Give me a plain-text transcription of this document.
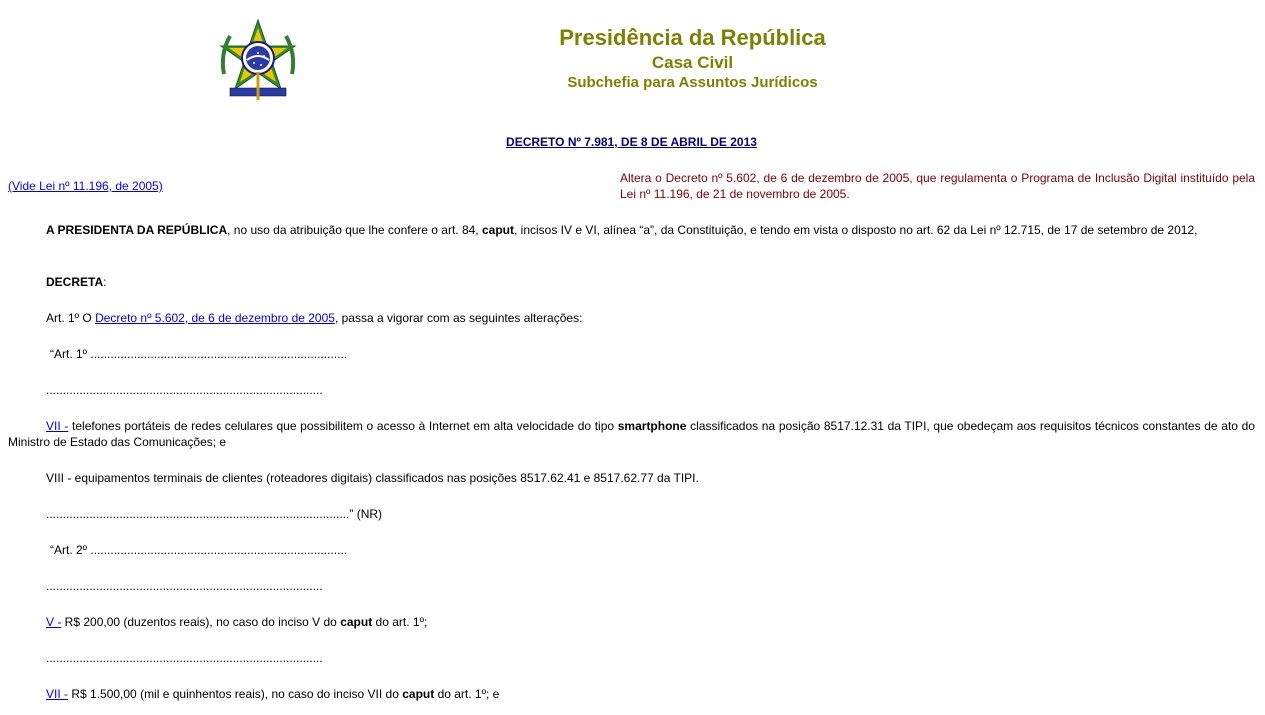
Presidência da República
Casa Civil
Subchefia para Assuntos Jurídicos
DECRETO Nº 7.981, DE 8 DE ABRIL DE 2013
(Vide Lei nº 11.196, de 2005)
Altera o Decreto nº 5.602, de 6 de dezembro de 2005, que regulamenta o Programa de Inclusão Digital instituído pela Lei nº 11.196, de 21 de novembro de 2005.
A PRESIDENTA DA REPÚBLICA, no uso da atribuição que lhe confere o art. 84, caput, incisos IV e VI, alínea “a”, da Constituição, e tendo em vista o disposto no art. 62 da Lei nº 12.715, de 17 de setembro de 2012,
DECRETA:
Art. 1º O Decreto nº 5.602, de 6 de dezembro de 2005, passa a vigorar com as seguintes alterações:
“Art. 1º .............................................................................
...................................................................................
VII - telefones portáteis de redes celulares que possibilitem o acesso à Internet em alta velocidade do tipo smartphone classificados na posição 8517.12.31 da TIPI, que obedeçam aos requisitos técnicos constantes de ato do Ministro de Estado das Comunicações; e
VIII - equipamentos terminais de clientes (roteadores digitais) classificados nas posições 8517.62.41 e 8517.62.77 da TIPI.
...........................................................................................” (NR)
“Art. 2º .............................................................................
...................................................................................
V - R$ 200,00 (duzentos reais), no caso do inciso V do caput do art. 1º;
...................................................................................
VII - R$ 1.500,00 (mil e quinhentos reais), no caso do inciso VII do caput do art. 1º; e
